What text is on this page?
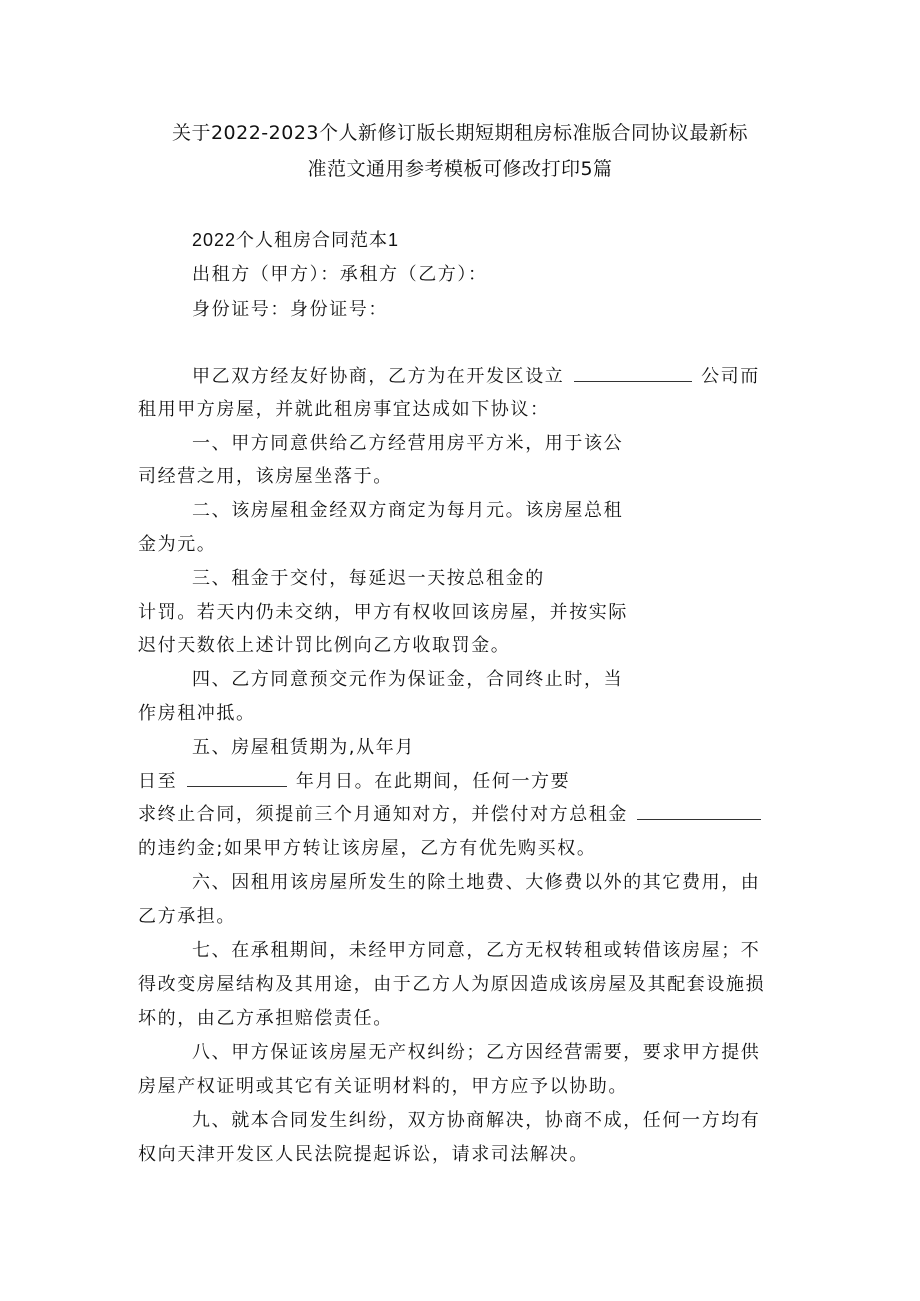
关于2022-2023个人新修订版长期短期租房标准版合同协议最新标
准范文通用参考模板可修改打印5篇
2022个人租房合同范本1
出租方（甲方）：承租方（乙方）：
身份证号：身份证号：
甲乙双方经友好协商，乙方为在开发区设立	公司而
租用甲方房屋，并就此租房事宜达成如下协议：
一、甲方同意供给乙方经营用房平方米，用于该公
司经营之用，该房屋坐落于。
二、该房屋租金经双方商定为每月元。该房屋总租
金为元。
三、租金于交付，每延迟一天按总租金的
计罚。若天内仍未交纳，甲方有权收回该房屋，并按实际
迟付天数依上述计罚比例向乙方收取罚金。
四、乙方同意预交元作为保证金，合同终止时，当
作房租冲抵。
五、房屋租赁期为,从年月
日至	年月日。在此期间，任何一方要
求终止合同，须提前三个月通知对方，并偿付对方总租金
的违约金;如果甲方转让该房屋，乙方有优先购买权。
六、因租用该房屋所发生的除土地费、大修费以外的其它费用，由
乙方承担。
七、在承租期间，未经甲方同意，乙方无权转租或转借该房屋；不
得改变房屋结构及其用途，由于乙方人为原因造成该房屋及其配套设施损
坏的，由乙方承担赔偿责任。
八、甲方保证该房屋无产权纠纷；乙方因经营需要，要求甲方提供
房屋产权证明或其它有关证明材料的，甲方应予以协助。
九、就本合同发生纠纷，双方协商解决，协商不成，任何一方均有
权向天津开发区人民法院提起诉讼，请求司法解决。
